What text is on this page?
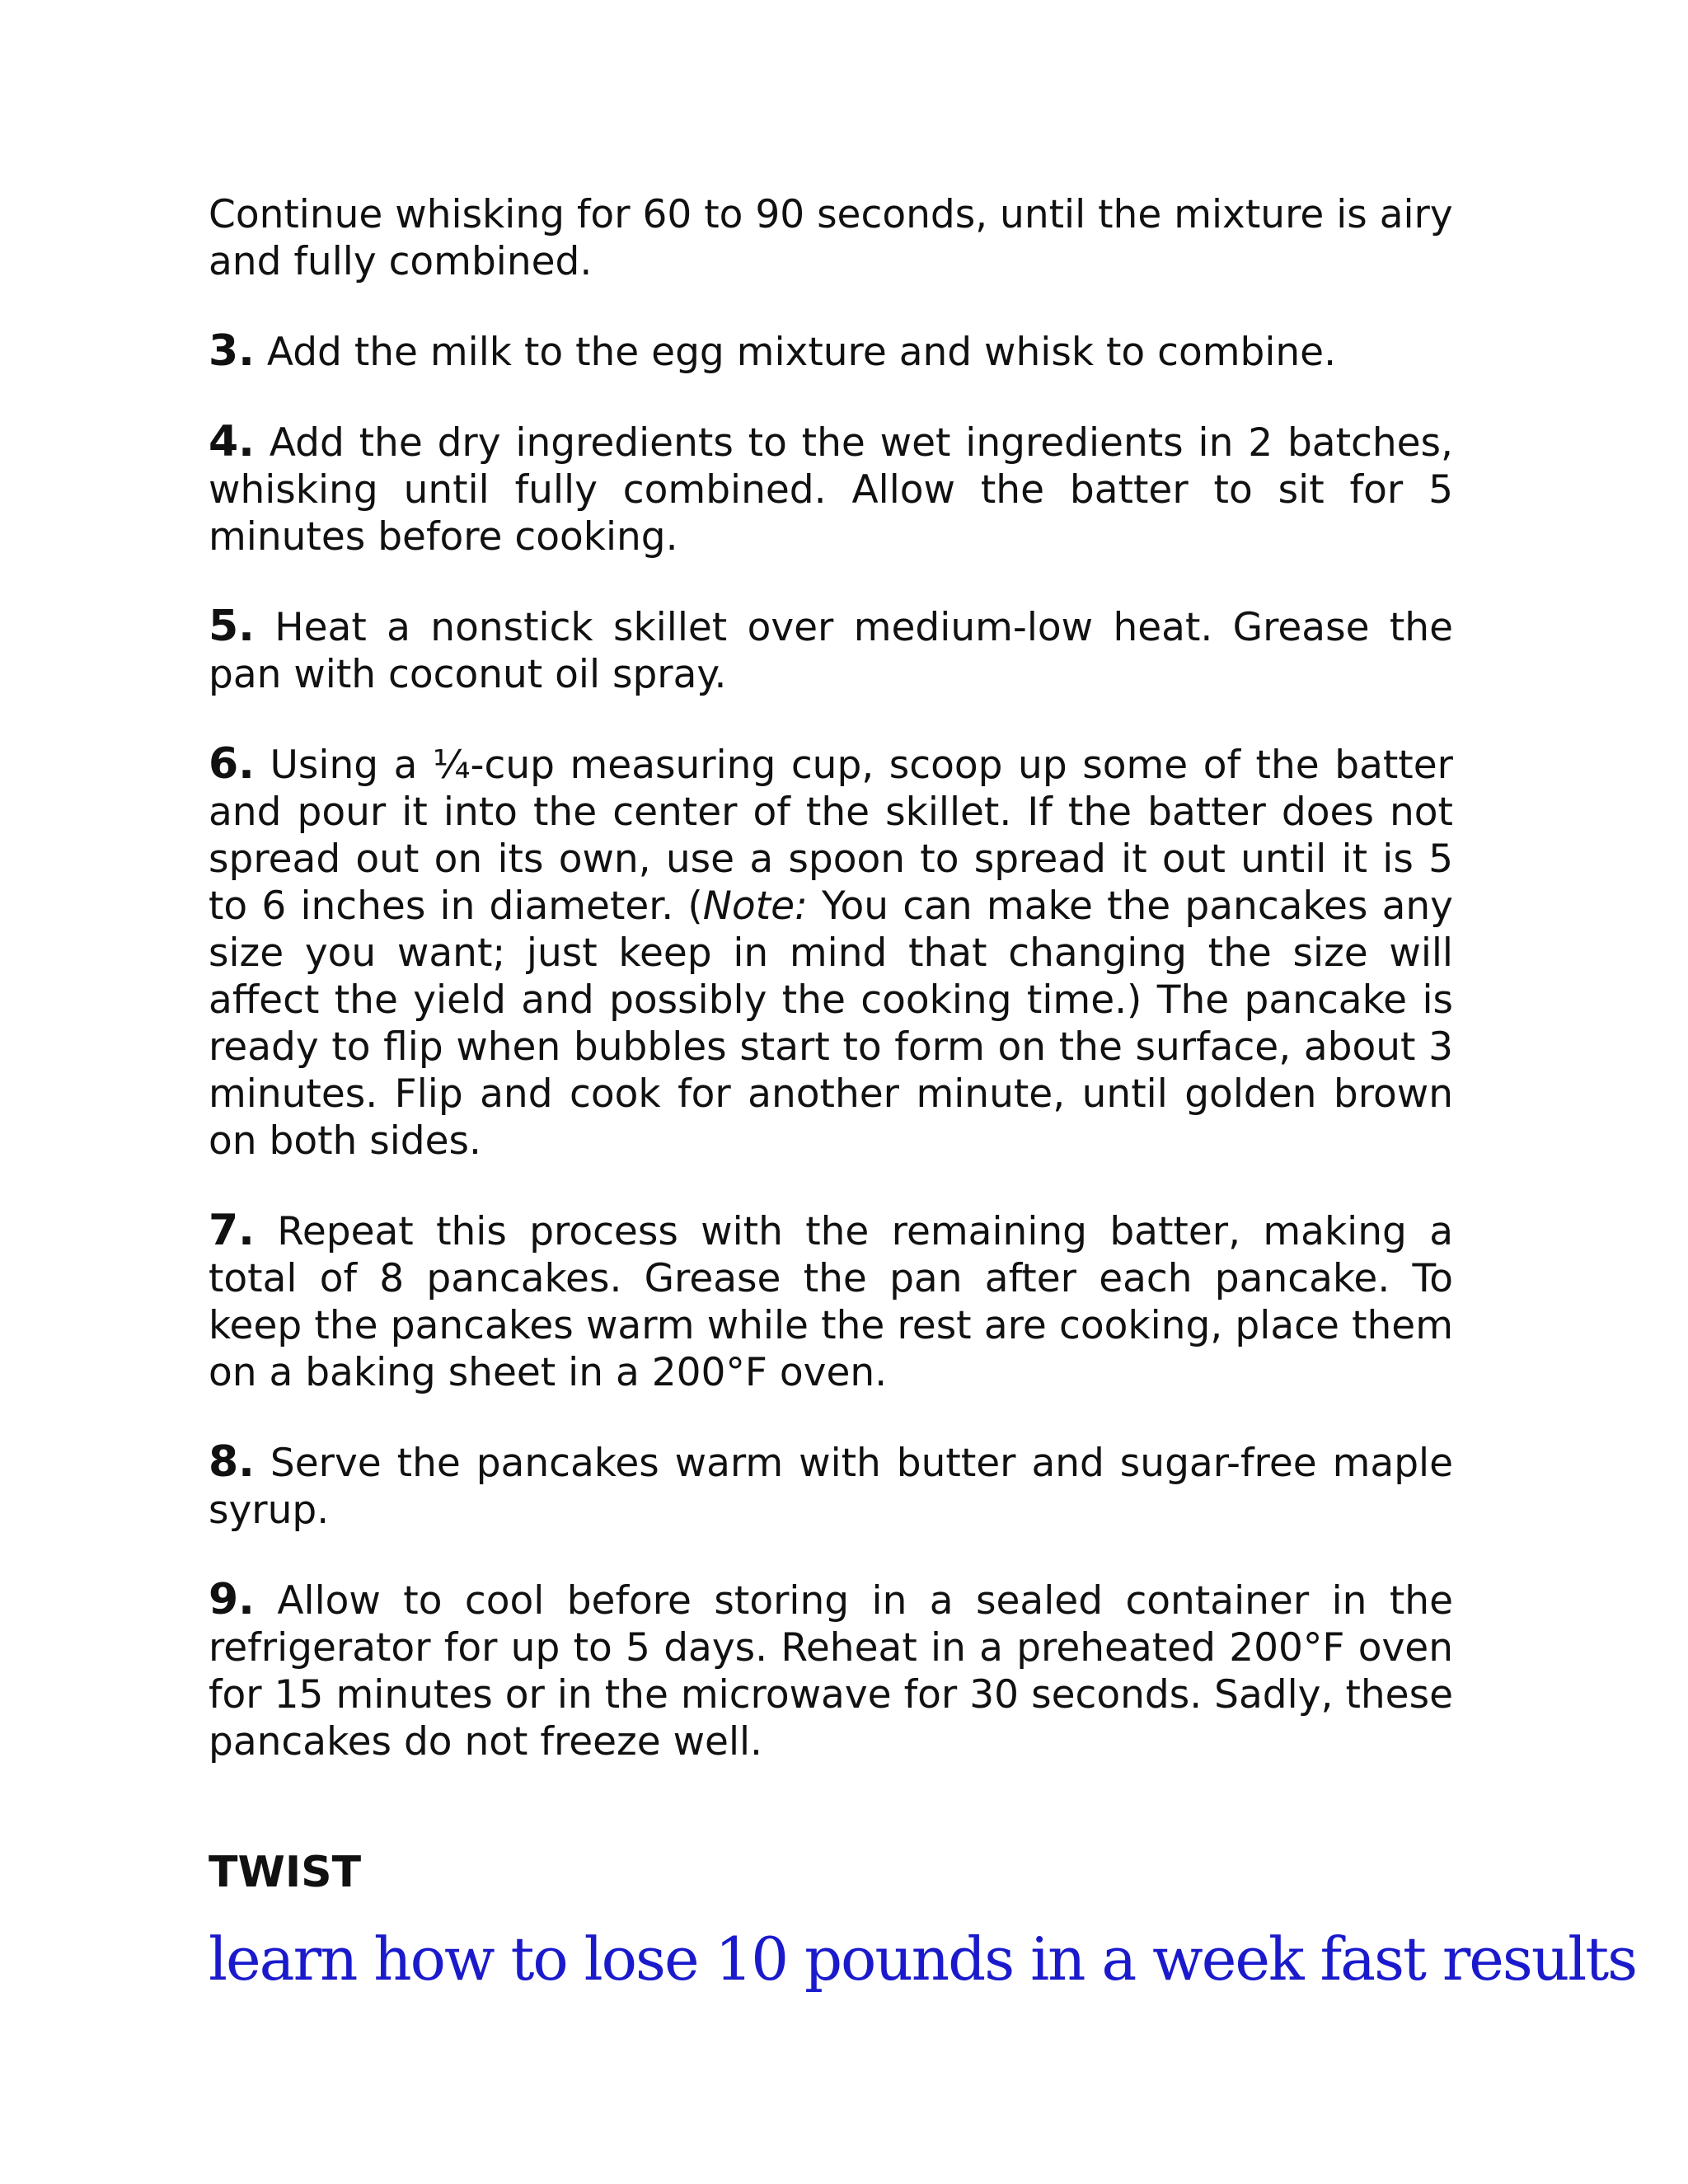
Continue whisking for 60 to 90 seconds, until the mixture is airy and fully combined.

3. Add the milk to the egg mixture and whisk to combine.

4. Add the dry ingredients to the wet ingredients in 2 batches, whisking until fully combined. Allow the batter to sit for 5 minutes before cooking.

5. Heat a nonstick skillet over medium-low heat. Grease the pan with coconut oil spray.

6. Using a ¼-cup measuring cup, scoop up some of the batter and pour it into the center of the skillet. If the batter does not spread out on its own, use a spoon to spread it out until it is 5 to 6 inches in diameter. (Note: You can make the pancakes any size you want; just keep in mind that changing the size will affect the yield and possibly the cooking time.) The pancake is ready to flip when bubbles start to form on the surface, about 3 minutes. Flip and cook for another minute, until golden brown on both sides.

7. Repeat this process with the remaining batter, making a total of 8 pancakes. Grease the pan after each pancake. To keep the pancakes warm while the rest are cooking, place them on a baking sheet in a 200°F oven.

8. Serve the pancakes warm with butter and sugar-free maple syrup.

9. Allow to cool before storing in a sealed container in the refrigerator for up to 5 days. Reheat in a preheated 200°F oven for 15 minutes or in the microwave for 30 seconds. Sadly, these pancakes do not freeze well.

TWIST
learn how to lose 10 pounds in a week fast results
